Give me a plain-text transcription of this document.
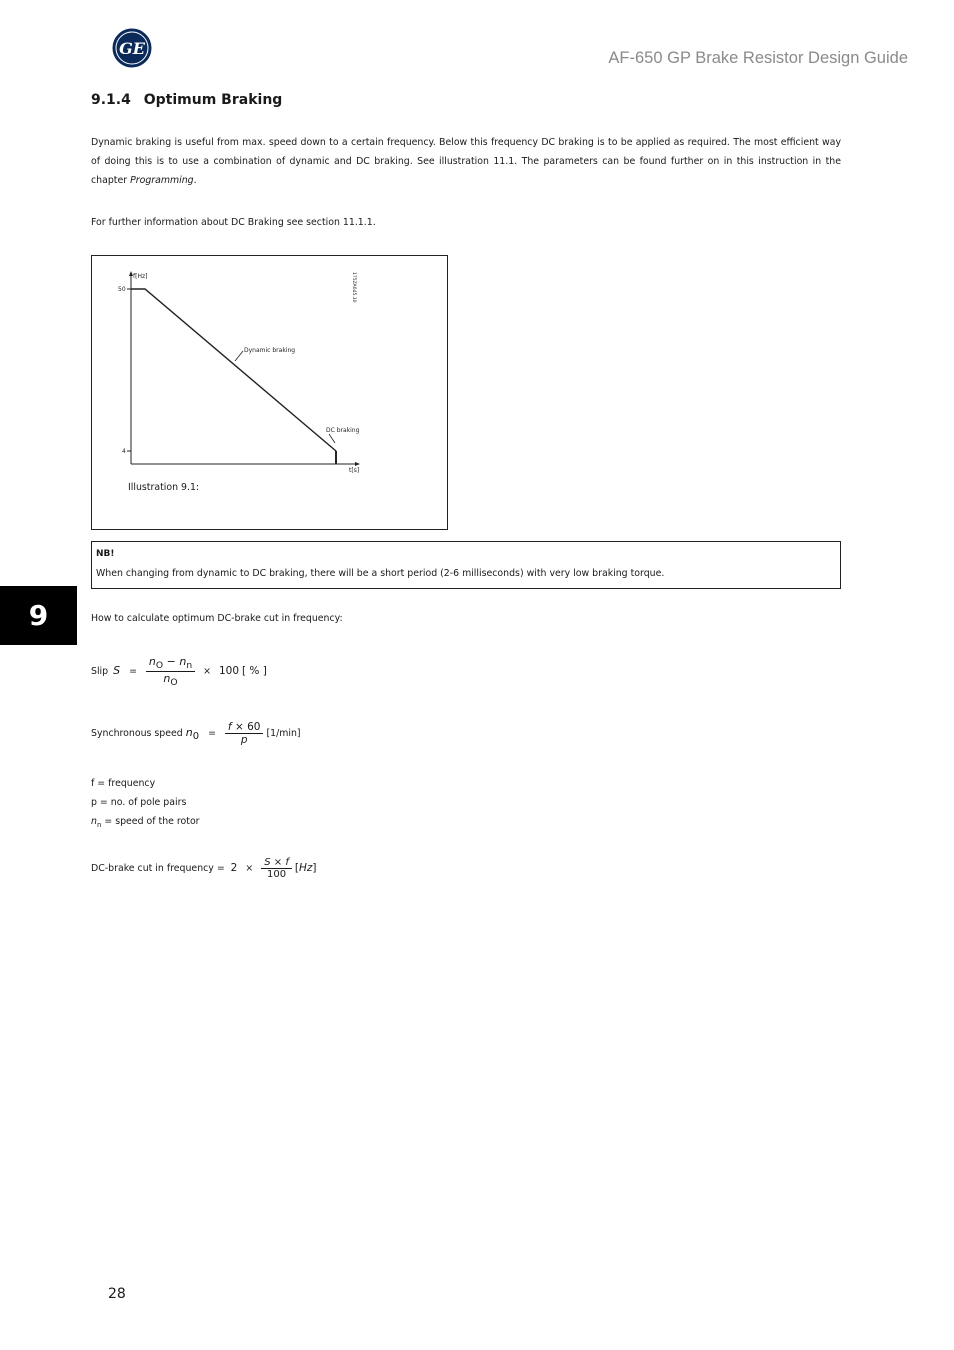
GE	AF-650 GP Brake Resistor Design Guide
9.1.4 Optimum Braking
Dynamic braking is useful from max. speed down to a certain frequency. Below this frequency DC braking is to be applied as required. The most efficient way of doing this is to use a combination of dynamic and DC braking. See illustration 11.1. The parameters can be found further on in this instruction in the chapter Programming.
For further information about DC Braking see section 11.1.1.
f[Hz]
50
4
t[s]
Dynamic braking
DC braking
175ZA645.10
Illustration 9.1:
NB!
When changing from dynamic to DC braking, there will be a short period (2-6 milliseconds) with very low braking torque.
9	How to calculate optimum DC-brake cut in frequency:
Slip $S = \frac{n_O - n_n}{n_O} \times 100$ [ % ]
Synchronous speed $n_0 = \frac{f \times 60}{p} [1/\min]$
f = frequency
p = no. of pole pairs
$n_n$ = speed of the rotor
DC-brake cut in frequency = $2 \times \frac{S \times f}{100} [Hz]$
28
